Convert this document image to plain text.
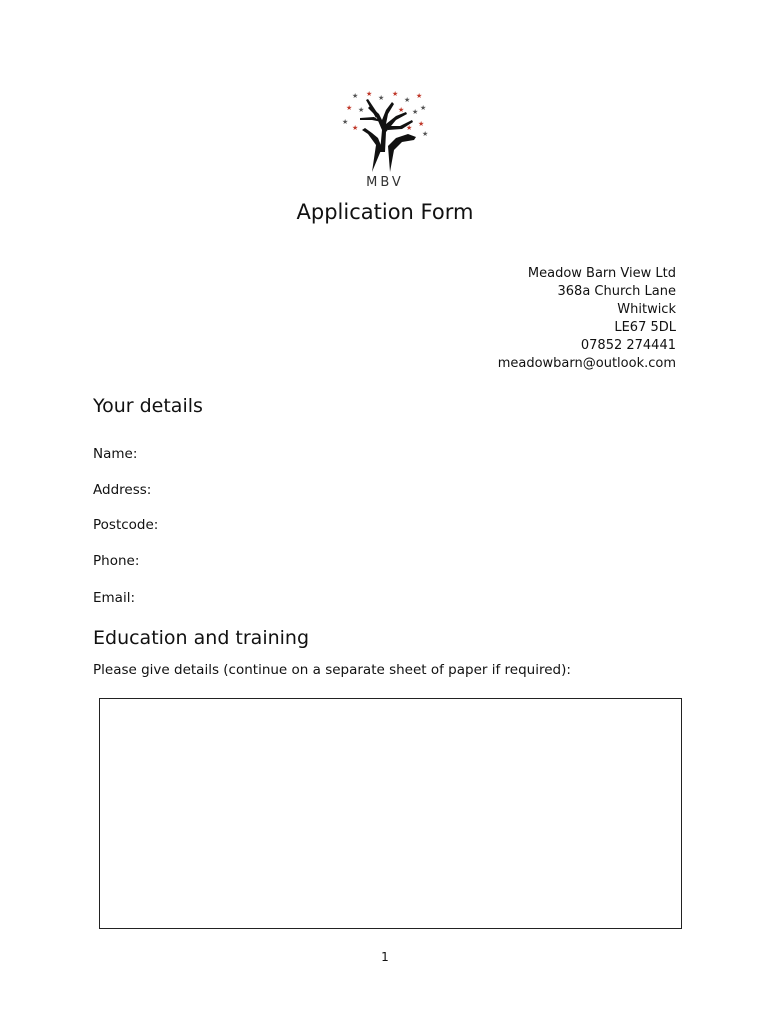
★ ★ ★ ★
★ ★
★
★ ★	★ ★
★
★	★
★
★
MBV
Application Form
Meadow Barn View Ltd
368a Church Lane
Whitwick
LE67 5DL
07852 274441
meadowbarn@outlook.com
Your details
Name:
Address:
Postcode:
Phone:
Email:
Education and training
Please give details (continue on a separate sheet of paper if required):
1
